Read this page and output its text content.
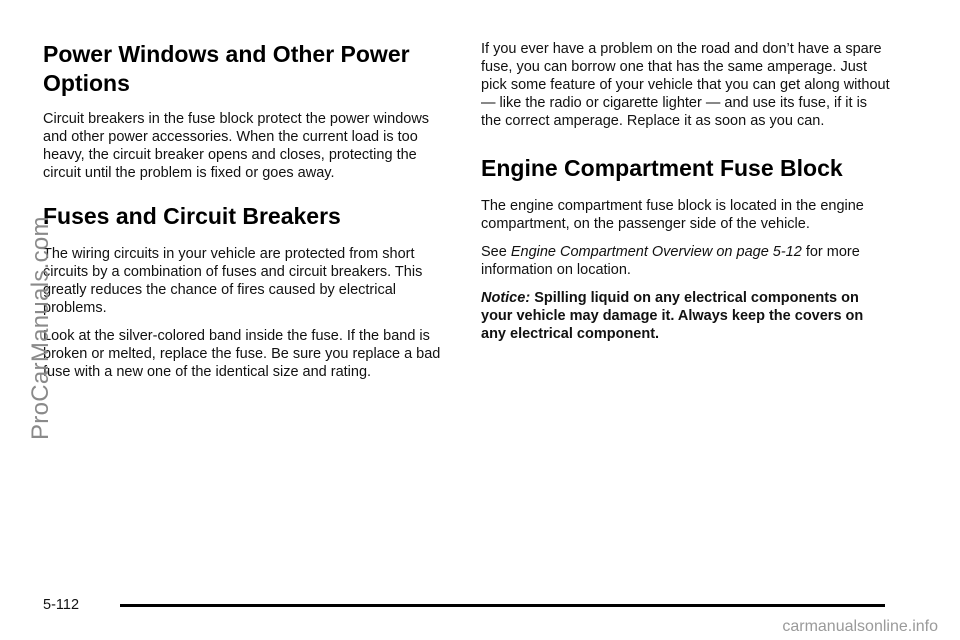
Power Windows and Other Power Options

Circuit breakers in the fuse block protect the power windows and other power accessories. When the current load is too heavy, the circuit breaker opens and closes, protecting the circuit until the problem is fixed or goes away.

Fuses and Circuit Breakers

The wiring circuits in your vehicle are protected from short circuits by a combination of fuses and circuit breakers. This greatly reduces the chance of fires caused by electrical problems.

Look at the silver-colored band inside the fuse. If the band is broken or melted, replace the fuse. Be sure you replace a bad fuse with a new one of the identical size and rating.

If you ever have a problem on the road and don’t have a spare fuse, you can borrow one that has the same amperage. Just pick some feature of your vehicle that you can get along without — like the radio or cigarette lighter — and use its fuse, if it is the correct amperage. Replace it as soon as you can.

Engine Compartment Fuse Block

The engine compartment fuse block is located in the engine compartment, on the passenger side of the vehicle.

See Engine Compartment Overview on page 5-12 for more information on location.

Notice: Spilling liquid on any electrical components on your vehicle may damage it. Always keep the covers on any electrical component.

ProCarManuals.com
5-112
carmanualsonline.info
